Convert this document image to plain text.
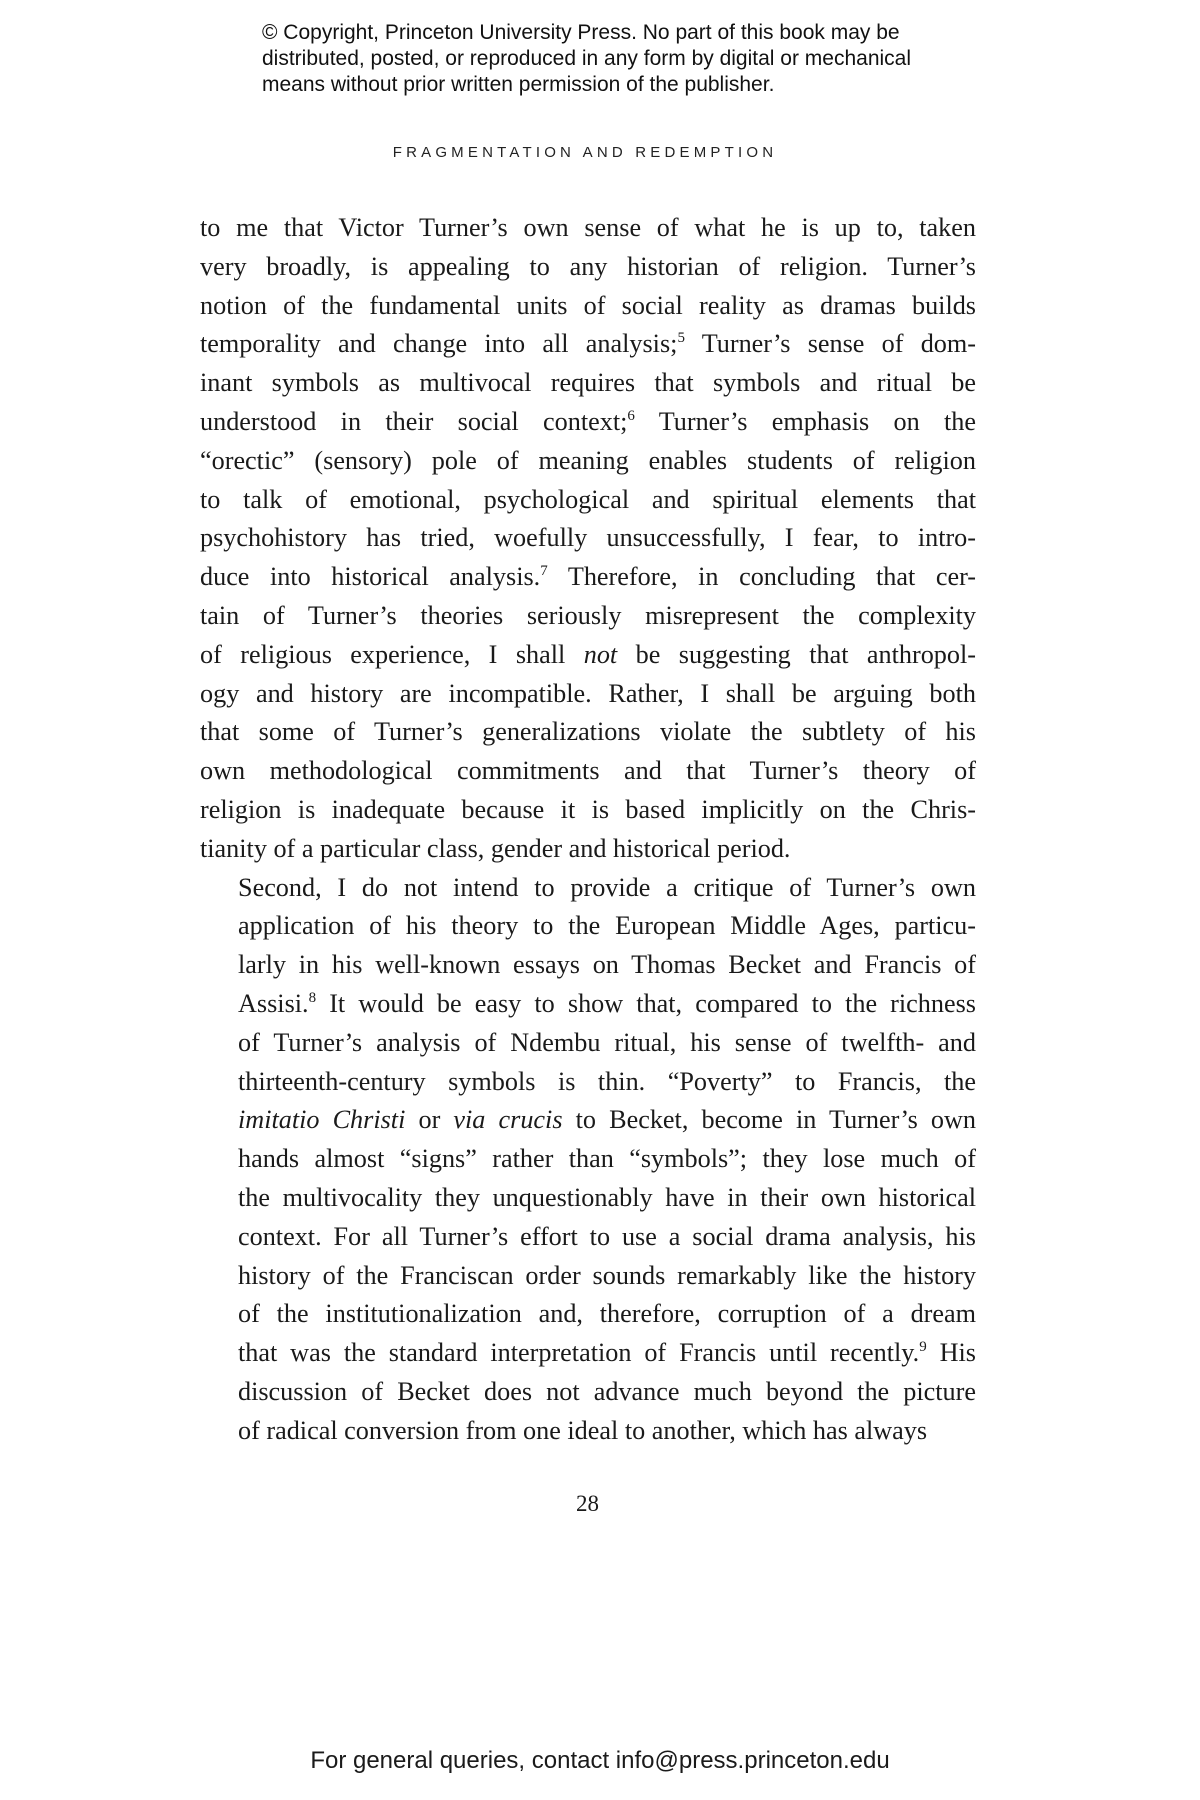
© Copyright, Princeton University Press. No part of this book may be
distributed, posted, or reproduced in any form by digital or mechanical
means without prior written permission of the publisher.
FRAGMENTATION AND REDEMPTION

to me that Victor Turner’s own sense of what he is up to, taken
very broadly, is appealing to any historian of religion. Turner’s
notion of the fundamental units of social reality as dramas builds
temporality and change into all analysis;$^5$ Turner’s sense of dom-
inant symbols as multivocal requires that symbols and ritual be
understood in their social context;$^6$ Turner’s emphasis on the
“orectic” (sensory) pole of meaning enables students of religion
to talk of emotional, psychological and spiritual elements that
psychohistory has tried, woefully unsuccessfully, I fear, to intro-
duce into historical analysis.$^7$ Therefore, in concluding that cer-
tain of Turner’s theories seriously misrepresent the complexity
of religious experience, I shall not be suggesting that anthropol-
ogy and history are incompatible. Rather, I shall be arguing both
that some of Turner’s generalizations violate the subtlety of his
own methodological commitments and that Turner’s theory of
religion is inadequate because it is based implicitly on the Chris-
tianity of a particular class, gender and historical period.

Second, I do not intend to provide a critique of Turner’s own
application of his theory to the European Middle Ages, particu-
larly in his well-known essays on Thomas Becket and Francis of
Assisi.$^8$ It would be easy to show that, compared to the richness
of Turner’s analysis of Ndembu ritual, his sense of twelfth- and
thirteenth-century symbols is thin. “Poverty” to Francis, the
imitatio Christi or via crucis to Becket, become in Turner’s own
hands almost “signs” rather than “symbols”; they lose much of
the multivocality they unquestionably have in their own historical
context. For all Turner’s effort to use a social drama analysis, his
history of the Franciscan order sounds remarkably like the history
of the institutionalization and, therefore, corruption of a dream
that was the standard interpretation of Francis until recently.$^9$ His
discussion of Becket does not advance much beyond the picture
of radical conversion from one ideal to another, which has always

28
For general queries, contact info@press.princeton.edu
